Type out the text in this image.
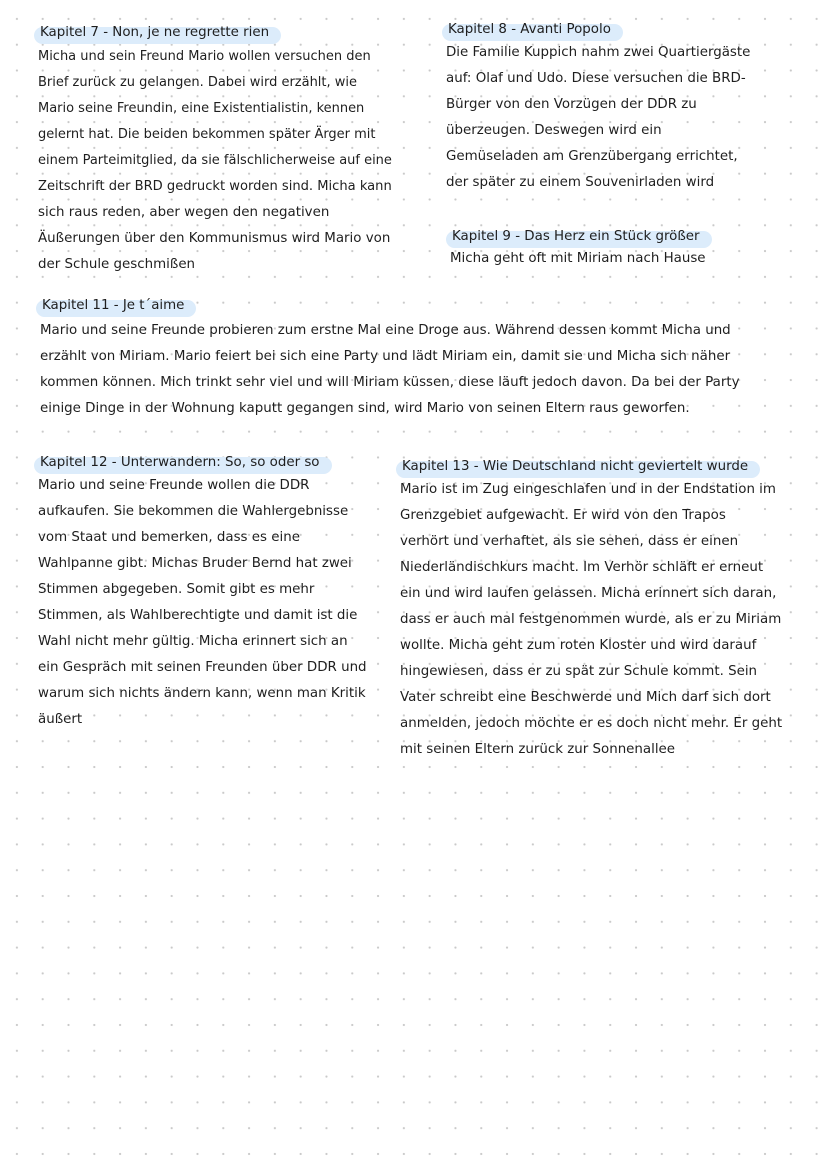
Kapitel 7 - Non, je ne regrette rien
Micha und sein Freund Mario wollen versuchen den
Brief zurück zu gelangen. Dabei wird erzählt, wie
Mario seine Freundin, eine Existentialistin, kennen
gelernt hat. Die beiden bekommen später Ärger mit
einem Parteimitglied, da sie fälschlicherweise auf eine
Zeitschrift der BRD gedruckt worden sind. Micha kann
sich raus reden, aber wegen den negativen
Äußerungen über den Kommunismus wird Mario von
der Schule geschmißen
Kapitel 8 - Avanti Popolo
Die Familie Kuppich nahm zwei Quartiergäste
auf: Olaf und Udo. Diese versuchen die BRD-
Bürger von den Vorzügen der DDR zu
überzeugen. Deswegen wird ein
Gemüseladen am Grenzübergang errichtet,
der später zu einem Souvenirladen wird
Kapitel 9 - Das Herz ein Stück größer
Micha geht oft mit Miriam nach Hause
Kapitel 11 - Je t´aime
Mario und seine Freunde probieren zum erstne Mal eine Droge aus. Während dessen kommt Micha und
erzählt von Miriam. Mario feiert bei sich eine Party und lädt Miriam ein, damit sie und Micha sich näher
kommen können. Mich trinkt sehr viel und will Miriam küssen, diese läuft jedoch davon. Da bei der Party
einige Dinge in der Wohnung kaputt gegangen sind, wird Mario von seinen Eltern raus geworfen.
Kapitel 12 - Unterwandern: So, so oder so
Mario und seine Freunde wollen die DDR
aufkaufen. Sie bekommen die Wahlergebnisse
vom Staat und bemerken, dass es eine
Wahlpanne gibt. Michas Bruder Bernd hat zwei
Stimmen abgegeben. Somit gibt es mehr
Stimmen, als Wahlberechtigte und damit ist die
Wahl nicht mehr gültig. Micha erinnert sich an
ein Gespräch mit seinen Freunden über DDR und
warum sich nichts ändern kann, wenn man Kritik
äußert
Kapitel 13 - Wie Deutschland nicht geviertelt wurde
Mario ist im Zug eingeschlafen und in der Endstation im
Grenzgebiet aufgewacht. Er wird von den Trapos
verhört und verhaftet, als sie sehen, dass er einen
Niederländischkurs macht. Im Verhör schläft er erneut
ein und wird laufen gelassen. Micha erinnert sich daran,
dass er auch mal festgenommen wurde, als er zu Miriam
wollte. Micha geht zum roten Kloster und wird darauf
hingewiesen, dass er zu spät zur Schule kommt. Sein
Vater schreibt eine Beschwerde und Mich darf sich dort
anmelden, jedoch möchte er es doch nicht mehr. Er geht
mit seinen Eltern zurück zur Sonnenallee
